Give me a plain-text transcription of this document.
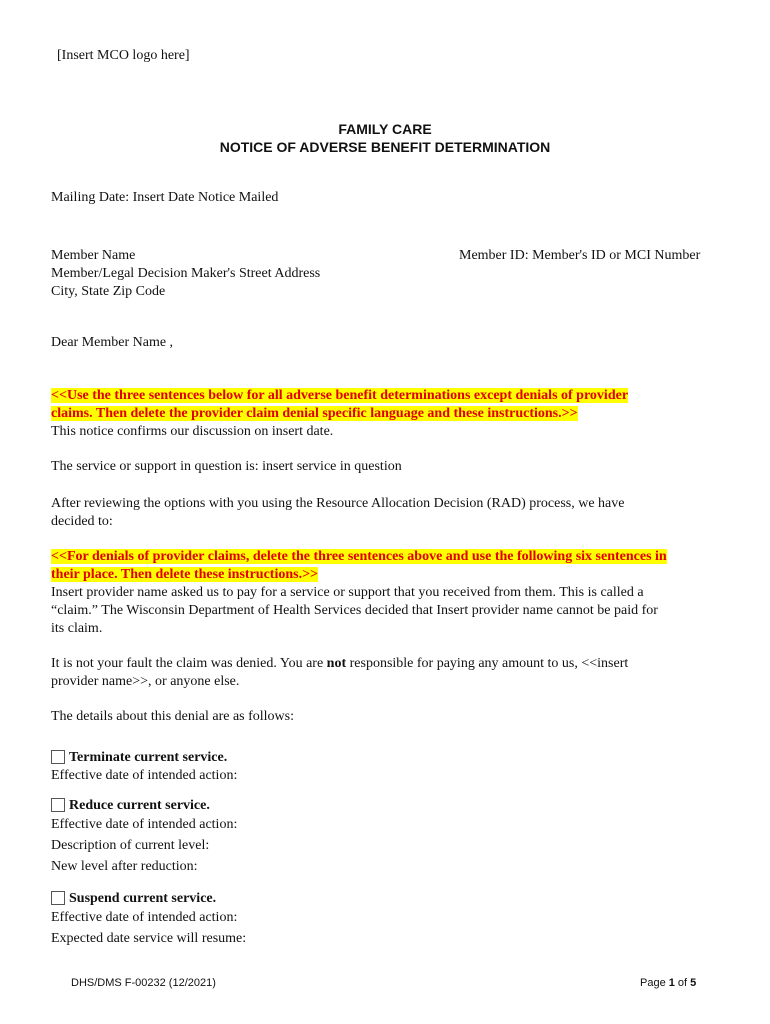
[Insert MCO logo here]
FAMILY CARE
NOTICE OF ADVERSE BENEFIT DETERMINATION
Mailing Date: Insert Date Notice Mailed
Member Name
Member/Legal Decision Maker's Street Address
City, State Zip Code
Member ID: Member's ID or MCI Number
Dear Member Name ,
<<Use the three sentences below for all adverse benefit determinations except denials of provider
claims. Then delete the provider claim denial specific language and these instructions.>>
This notice confirms our discussion on insert date.
The service or support in question is: insert service in question
After reviewing the options with you using the Resource Allocation Decision (RAD) process, we have
decided to:
<<For denials of provider claims, delete the three sentences above and use the following six sentences in
their place. Then delete these instructions.>>
Insert provider name asked us to pay for a service or support that you received from them. This is called a
“claim.” The Wisconsin Department of Health Services decided that Insert provider name cannot be paid for
its claim.
It is not your fault the claim was denied. You are not responsible for paying any amount to us, <<insert
provider name>>, or anyone else.
The details about this denial are as follows:
Terminate current service.
Effective date of intended action:
Reduce current service.
Effective date of intended action:
Description of current level:
New level after reduction:
Suspend current service.
Effective date of intended action:
Expected date service will resume:
DHS/DMS F-00232 (12/2021)	Page 1 of 5
